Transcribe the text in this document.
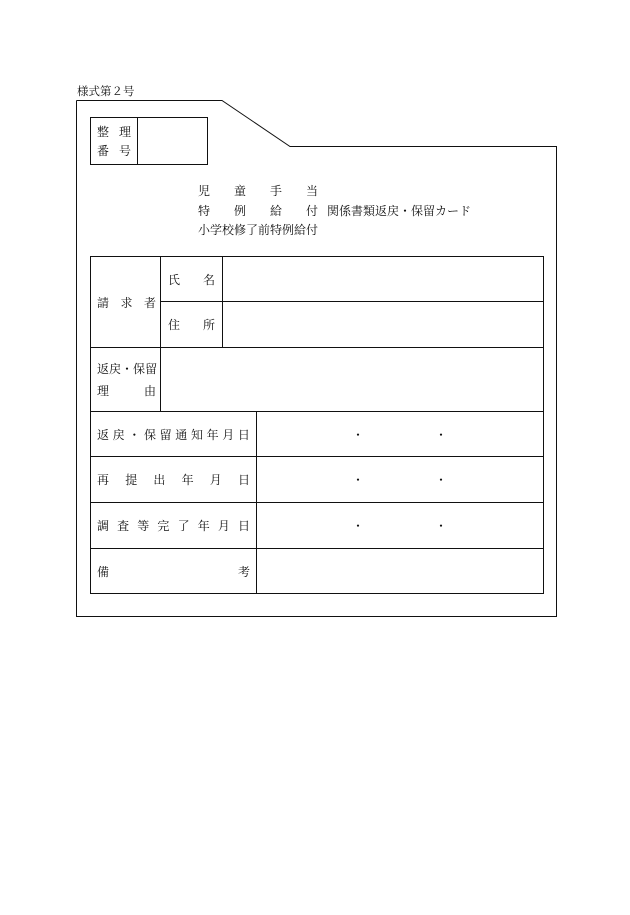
様式第２号
整 理
番 号
児 童 手 当
特 例 給 付 関係書類返戻・保留カード
小学校修了前特例給付
請 求 者
氏 名
住 所
返 戻 ・ 保 留
理	由
返 戻 ・ 保 留 通 知 年 月 日	・	・
再 提 出 年 月 日	・	・
調 査 等 完 了 年 月 日	・	・
備	考
